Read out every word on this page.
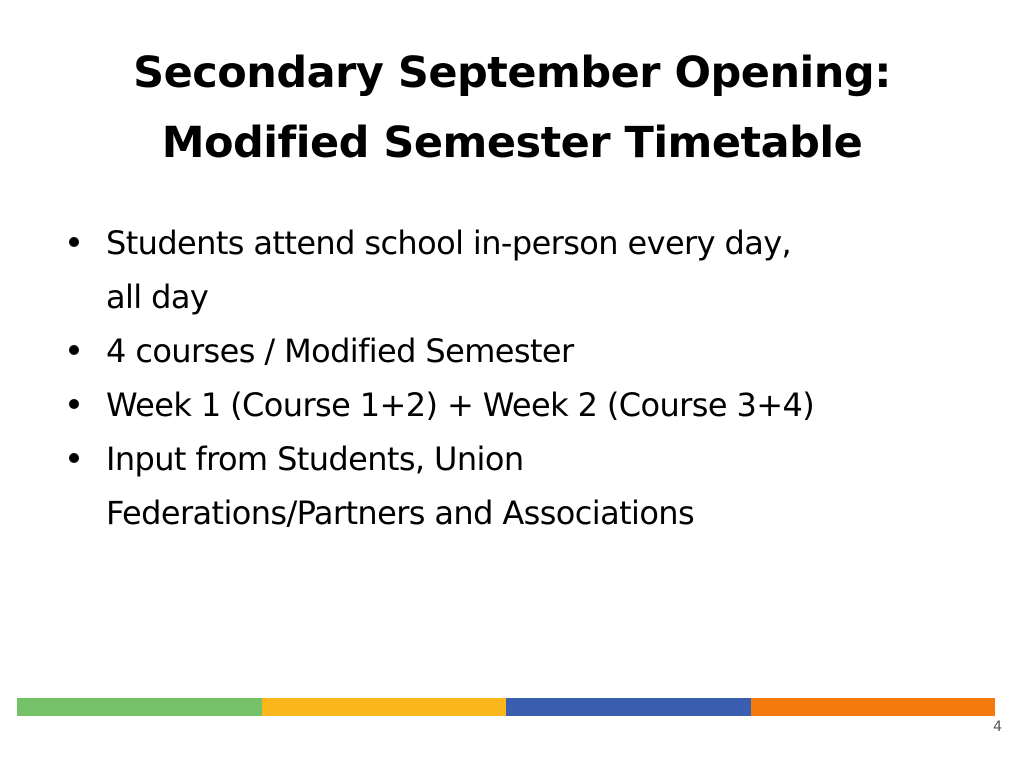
Secondary September Opening:
Modified Semester Timetable
Students attend school in-person every day,
all day
4 courses / Modified Semester
Week 1 (Course 1+2) + Week 2 (Course 3+4)
Input from Students, Union
Federations/Partners and Associations
4
